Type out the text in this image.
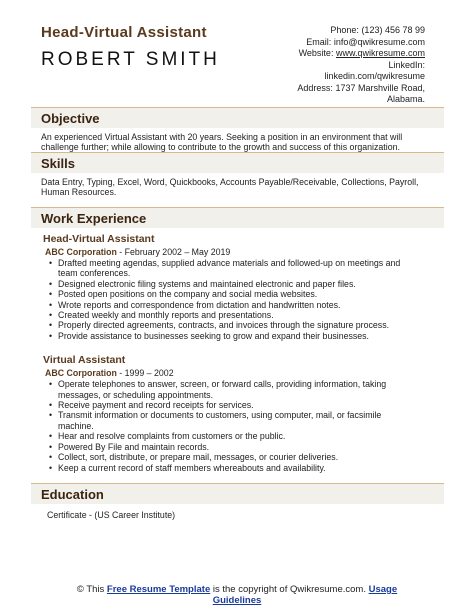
Head-Virtual Assistant
ROBERT SMITH
Phone: (123) 456 78 99
Email: info@qwikresume.com
Website: www.qwikresume.com
LinkedIn:
linkedin.com/qwikresume
Address: 1737 Marshville Road,
Alabama.
Objective
An experienced Virtual Assistant with 20 years. Seeking a position in an environment that will challenge further; while allowing to contribute to the growth and success of this organization.
Skills
Data Entry, Typing, Excel, Word, Quickbooks, Accounts Payable/Receivable, Collections, Payroll, Human Resources.
Work Experience
Head-Virtual Assistant
ABC Corporation - February 2002 – May 2019
• Drafted meeting agendas, supplied advance materials and followed-up on meetings and team conferences.
• Designed electronic filing systems and maintained electronic and paper files.
• Posted open positions on the company and social media websites.
• Wrote reports and correspondence from dictation and handwritten notes.
• Created weekly and monthly reports and presentations.
• Properly directed agreements, contracts, and invoices through the signature process.
• Provide assistance to businesses seeking to grow and expand their businesses.
Virtual Assistant
ABC Corporation - 1999 – 2002
• Operate telephones to answer, screen, or forward calls, providing information, taking messages, or scheduling appointments.
• Receive payment and record receipts for services.
• Transmit information or documents to customers, using computer, mail, or facsimile machine.
• Hear and resolve complaints from customers or the public.
• Powered By File and maintain records.
• Collect, sort, distribute, or prepare mail, messages, or courier deliveries.
• Keep a current record of staff members whereabouts and availability.
Education
Certificate - (US Career Institute)
© This Free Resume Template is the copyright of Qwikresume.com. Usage
Guidelines
